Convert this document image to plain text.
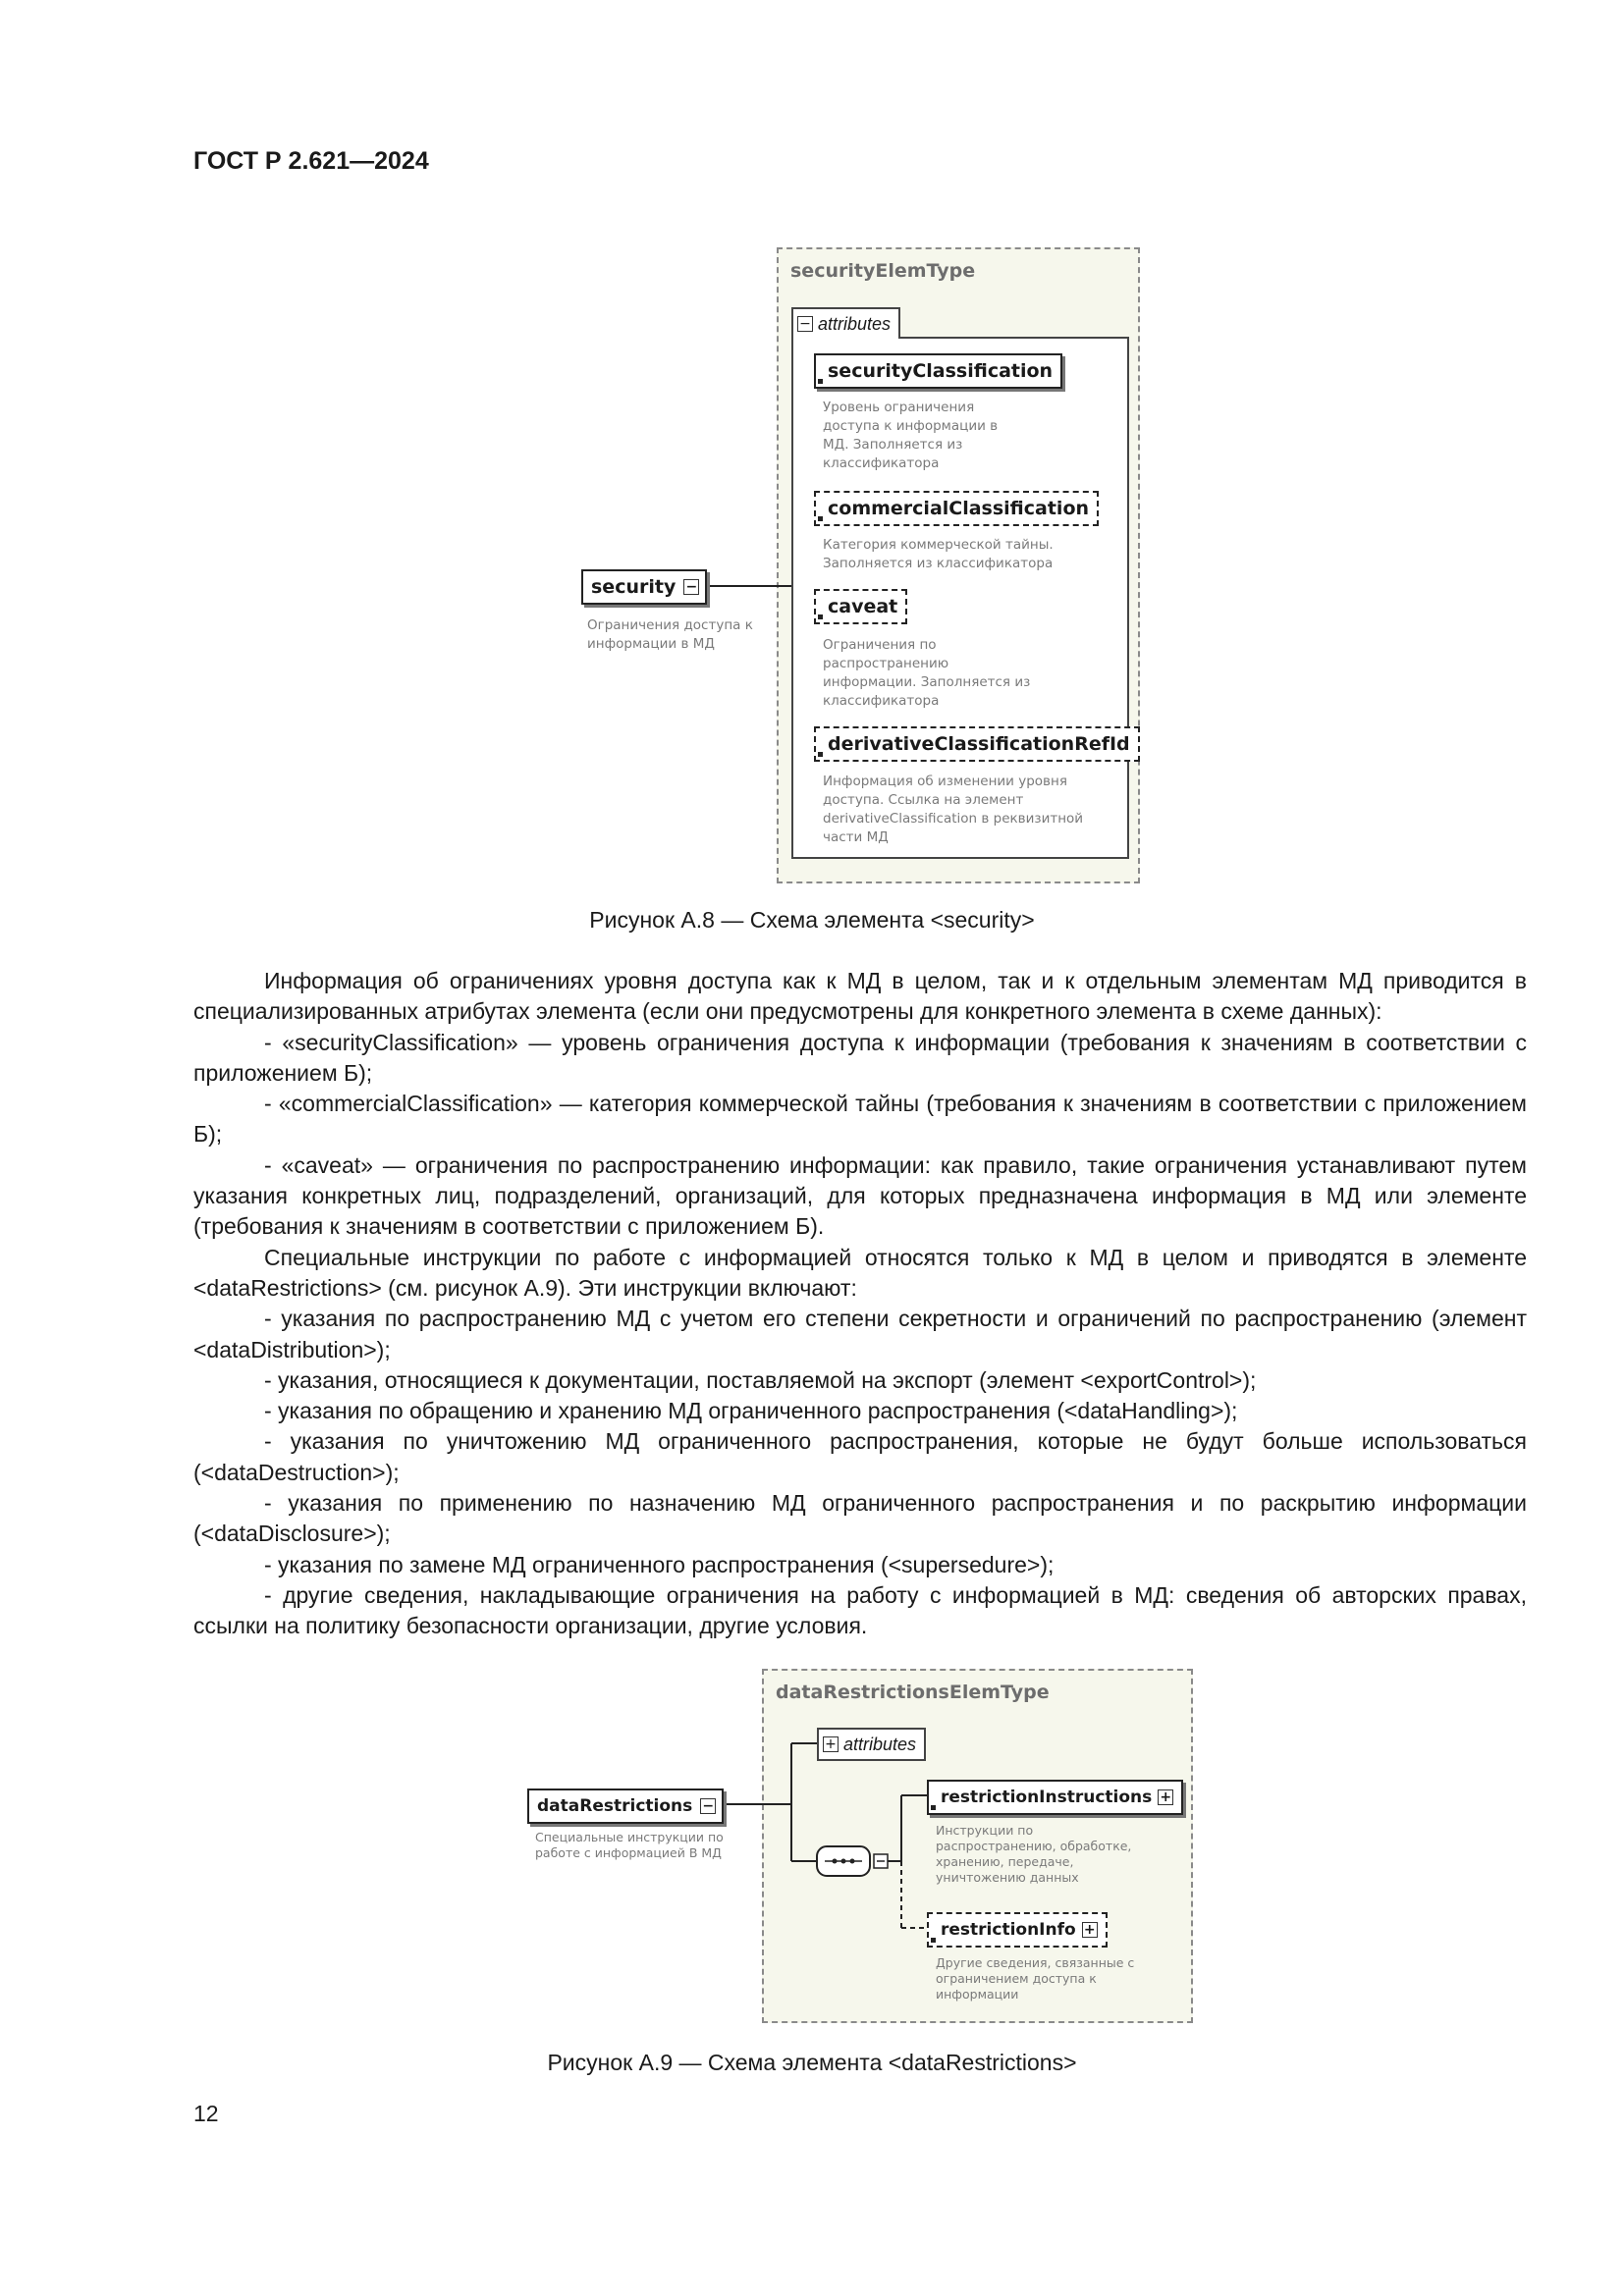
ГОСТ Р 2.621—2024
securityElemType
− attributes
security −
Ограничения доступа к информации в МД
securityClassification
Уровень ограничения доступа к информации в МД. Заполняется из классификатора
commercialClassification
Категория коммерческой тайны. Заполняется из классификатора
caveat
Ограничения по распространению информации. Заполняется из классификатора
derivativeClassificationRefId
Информация об изменении уровня доступа. Ссылка на элемент derivativeClassification в реквизитной части МД
Рисунок А.8 — Схема элемента <security>

Информация об ограничениях уровня доступа как к МД в целом, так и к отдельным элементам МД приводится в специализированных атрибутах элемента (если они предусмотрены для конкретного элемента в схеме данных):

- «securityClassification» — уровень ограничения доступа к информации (требования к значениям в соответствии с приложением Б);

- «commercialClassification» — категория коммерческой тайны (требования к значениям в соответствии с приложением Б);

- «caveat» — ограничения по распространению информации: как правило, такие ограничения устанавливают путем указания конкретных лиц, подразделений, организаций, для которых предназначена информация в МД или элементе (требования к значениям в соответствии с приложением Б).

Специальные инструкции по работе с информацией относятся только к МД в целом и приводятся в элементе <dataRestrictions> (см. рисунок А.9). Эти инструкции включают:

- указания по распространению МД с учетом его степени секретности и ограничений по распространению (элемент <dataDistribution>);

- указания, относящиеся к документации, поставляемой на экспорт (элемент <exportControl>);

- указания по обращению и хранению МД ограниченного распространения (<dataHandling>);

- указания по уничтожению МД ограниченного распространения, которые не будут больше использоваться (<dataDestruction>);

- указания по применению по назначению МД ограниченного распространения и по раскрытию информации (<dataDisclosure>);

- указания по замене МД ограниченного распространения (<supersedure>);

- другие сведения, накладывающие ограничения на работу с информацией в МД: сведения об авторских правах, ссылки на политику безопасности организации, другие условия.

dataRestrictionsElemType
+ attributes
dataRestrictions −
Специальные инструкции по работе с информацией В МД
restrictionInstructions +
Инструкции по распространению, обработке, хранению, передаче, уничтожению данных
restrictionInfo +
Другие сведения, связанные с ограничением доступа к информации
Рисунок А.9 — Схема элемента <dataRestrictions>
12
